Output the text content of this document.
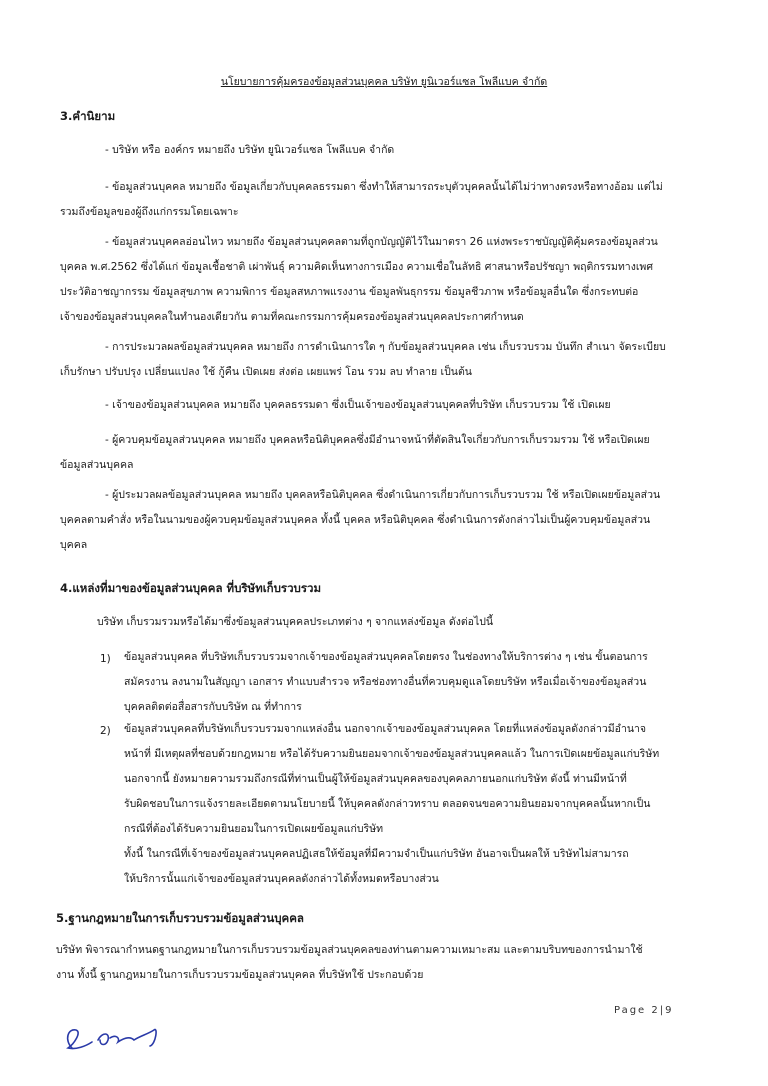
นโยบายการคุ้มครองข้อมูลส่วนบุคคล บริษัท ยูนิเวอร์แซล โพลีแบค จำกัด
3.คำนิยาม
- บริษัท หรือ องค์กร หมายถึง บริษัท ยูนิเวอร์แซล โพลีแบค จำกัด
- ข้อมูลส่วนบุคคล หมายถึง ข้อมูลเกี่ยวกับบุคคลธรรมดา ซึ่งทำให้สามารถระบุตัวบุคคลนั้นได้ไม่ว่าทางตรงหรือทางอ้อม แต่ไม่
รวมถึงข้อมูลของผู้ถึงแก่กรรมโดยเฉพาะ
- ข้อมูลส่วนบุคคลอ่อนไหว หมายถึง ข้อมูลส่วนบุคคลตามที่ถูกบัญญัติไว้ในมาตรา 26 แห่งพระราชบัญญัติคุ้มครองข้อมูลส่วน
บุคคล พ.ศ.2562 ซึ่งได้แก่ ข้อมูลเชื้อชาติ เผ่าพันธุ์ ความคิดเห็นทางการเมือง ความเชื่อในลัทธิ ศาสนาหรือปรัชญา พฤติกรรมทางเพศ
ประวัติอาชญากรรม ข้อมูลสุขภาพ ความพิการ ข้อมูลสหภาพแรงงาน ข้อมูลพันธุกรรม ข้อมูลชีวภาพ หรือข้อมูลอื่นใด ซึ่งกระทบต่อ
เจ้าของข้อมูลส่วนบุคคลในทำนองเดียวกัน ตามที่คณะกรรมการคุ้มครองข้อมูลส่วนบุคคลประกาศกำหนด
- การประมวลผลข้อมูลส่วนบุคคล หมายถึง การดำเนินการใด ๆ กับข้อมูลส่วนบุคคล เช่น เก็บรวบรวม บันทึก สำเนา จัดระเบียบ
เก็บรักษา ปรับปรุง เปลี่ยนแปลง ใช้ กู้คืน เปิดเผย ส่งต่อ เผยแพร่ โอน รวม ลบ ทำลาย เป็นต้น
- เจ้าของข้อมูลส่วนบุคคล หมายถึง บุคคลธรรมดา ซึ่งเป็นเจ้าของข้อมูลส่วนบุคคลที่บริษัท เก็บรวบรวม ใช้ เปิดเผย
- ผู้ควบคุมข้อมูลส่วนบุคคล หมายถึง บุคคลหรือนิติบุคคลซึ่งมีอำนาจหน้าที่ตัดสินใจเกี่ยวกับการเก็บรวมรวม ใช้ หรือเปิดเผย
ข้อมูลส่วนบุคคล
- ผู้ประมวลผลข้อมูลส่วนบุคคล หมายถึง บุคคลหรือนิติบุคคล ซึ่งดำเนินการเกี่ยวกับการเก็บรวบรวม ใช้ หรือเปิดเผยข้อมูลส่วน
บุคคลตามคำสั่ง หรือในนามของผู้ควบคุมข้อมูลส่วนบุคคล ทั้งนี้ บุคคล หรือนิติบุคคล ซึ่งดำเนินการดังกล่าวไม่เป็นผู้ควบคุมข้อมูลส่วน
บุคคล
4.แหล่งที่มาของข้อมูลส่วนบุคคล ที่บริษัทเก็บรวบรวม
บริษัท เก็บรวมรวมหรือได้มาซึ่งข้อมูลส่วนบุคคลประเภทต่าง ๆ จากแหล่งข้อมูล ดังต่อไปนี้
1) ข้อมูลส่วนบุคคล ที่บริษัทเก็บรวบรวมจากเจ้าของข้อมูลส่วนบุคคลโดยตรง ในช่องทางให้บริการต่าง ๆ เช่น ขั้นตอนการ
สมัครงาน ลงนามในสัญญา เอกสาร ทำแบบสำรวจ หรือช่องทางอื่นที่ควบคุมดูแลโดยบริษัท หรือเมื่อเจ้าของข้อมูลส่วน
บุคคลติดต่อสื่อสารกับบริษัท ณ ที่ทำการ
2) ข้อมูลส่วนบุคคลที่บริษัทเก็บรวบรวมจากแหล่งอื่น นอกจากเจ้าของข้อมูลส่วนบุคคล โดยที่แหล่งข้อมูลดังกล่าวมีอำนาจ
หน้าที่ มีเหตุผลที่ชอบด้วยกฎหมาย หรือได้รับความยินยอมจากเจ้าของข้อมูลส่วนบุคคลแล้ว ในการเปิดเผยข้อมูลแก่บริษัท
นอกจากนี้ ยังหมายความรวมถึงกรณีที่ท่านเป็นผู้ให้ข้อมูลส่วนบุคคลของบุคคลภายนอกแก่บริษัท ดังนี้ ท่านมีหน้าที่
รับผิดชอบในการแจ้งรายละเอียดตามนโยบายนี้ ให้บุคคลดังกล่าวทราบ ตลอดจนขอความยินยอมจากบุคคลนั้นหากเป็น
กรณีที่ต้องได้รับความยินยอมในการเปิดเผยข้อมูลแก่บริษัท
ทั้งนี้ ในกรณีที่เจ้าของข้อมูลส่วนบุคคลปฏิเสธให้ข้อมูลที่มีความจำเป็นแก่บริษัท อันอาจเป็นผลให้ บริษัทไม่สามารถ
ให้บริการนั้นแก่เจ้าของข้อมูลส่วนบุคคลดังกล่าวได้ทั้งหมดหรือบางส่วน
5.ฐานกฎหมายในการเก็บรวบรวมข้อมูลส่วนบุคคล
บริษัท พิจารณากำหนดฐานกฎหมายในการเก็บรวบรวมข้อมูลส่วนบุคคลของท่านตามความเหมาะสม และตามบริบทของการนำมาใช้
งาน ทั้งนี้ ฐานกฎหมายในการเก็บรวบรวมข้อมูลส่วนบุคคล ที่บริษัทใช้ ประกอบด้วย
Page 2|9
